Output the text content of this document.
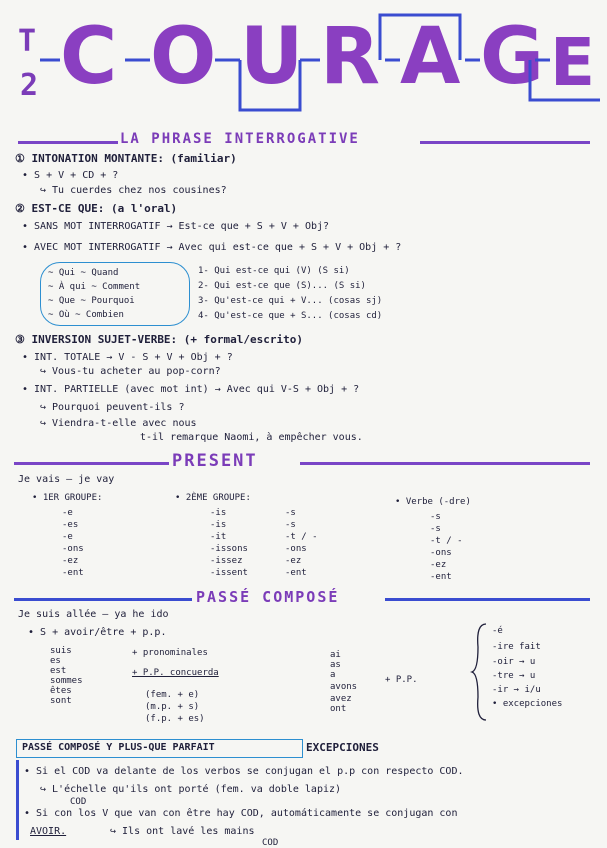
T
2 C O U R A G E
LA PHRASE INTERROGATIVE
① INTONATION MONTANTE: (familiar)
• S + V + CD + ?
↪ Tu cuerdes chez nos cousines?
② EST-CE QUE: (a l'oral)
• SANS MOT INTERROGATIF → Est-ce que + S + V + Obj?
• AVEC MOT INTERROGATIF → Avec qui est-ce que + S + V + Obj + ?
~ Qui ~ Quand
~ À qui ~ Comment
~ Que ~ Pourquoi
~ Où ~ Combien
1- Qui est-ce qui (V) (S si)
2- Qui est-ce que (S)... (S si)
3- Qu'est-ce qui + V... (cosas sj)
4- Qu'est-ce que + S... (cosas cd)
③ INVERSION SUJET-VERBE: (+ formal/escrito)
• INT. TOTALE → V - S + V + Obj + ?
↪ Vous-tu acheter au pop-corn?
• INT. PARTIELLE (avec mot int) → Avec qui V-S + Obj + ?
↪ Pourquoi peuvent-ils ?
↪ Viendra-t-elle avec nous
t-il remarque Naomi, à empêcher vous.
PRESENT
Je vais — je vay
• 1ER GROUPE:
-e
-es
-e
-ons
-ez
-ent
• 2ÈME GROUPE:
-is
-is
-it
-issons
-issez
-issent
-s
-s
-t / -
-ons
-ez
-ent
• Verbe (-dre)
-s
-s
-t / -
-ons
-ez
-ent
PASSÉ COMPOSÉ
Je suis allée — ya he ido
• S + avoir/être + p.p.
suis
es
est
sommes
êtes
sont
+ pronominales
+ P.P. concuerda
(fem. + e)
(m.p. + s)
(f.p. + es)
ai
as
a
avons
avez
ont
+ P.P.
-é
-ire fait
-oir → u
-tre → u
-ir → i/u
• excepciones
PASSÉ COMPOSÉ Y PLUS-QUE PARFAIT	EXCEPCIONES
• Si el COD va delante de los verbos se conjugan el p.p con respecto COD.
↪ L'échelle qu'ils ont porté (fem. va doble lapiz)
COD
• Si con los V que van con être hay COD, automáticamente se conjugan con
AVOIR.	↪ Ils ont lavé les mains
COD
